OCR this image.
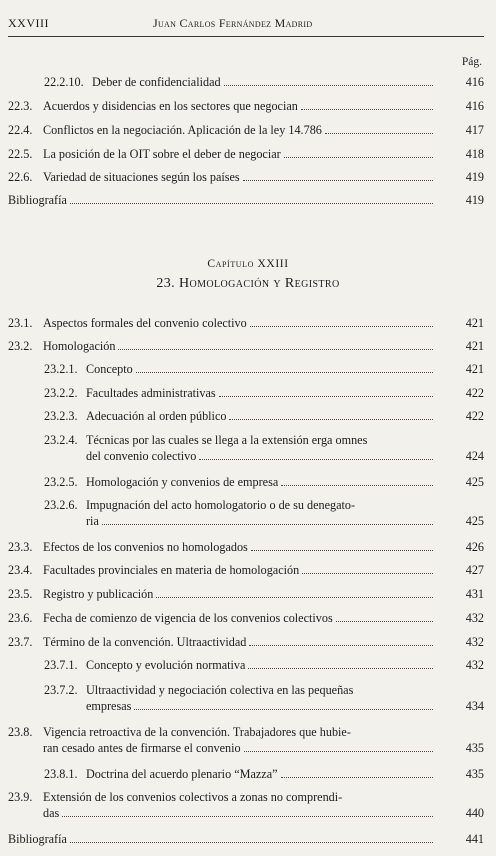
XXVIII	Juan Carlos Fernández Madrid
Pág.
22.2.10. Deber de confidencialidad	416
22.3. Acuerdos y disidencias en los sectores que negocian	416
22.4. Conflictos en la negociación. Aplicación de la ley 14.786	417
22.5. La posición de la OIT sobre el deber de negociar	418
22.6. Variedad de situaciones según los países	419
Bibliografía	419
Capítulo XXIII
23. Homologación y Registro
23.1. Aspectos formales del convenio colectivo	421
23.2. Homologación	421
23.2.1. Concepto	421
23.2.2. Facultades administrativas	422
23.2.3. Adecuación al orden público	422
23.2.4. Técnicas por las cuales se llega a la extensión erga omnes
del convenio colectivo	424
23.2.5. Homologación y convenios de empresa	425
23.2.6. Impugnación del acto homologatorio o de su denegato-
ria	425
23.3. Efectos de los convenios no homologados	426
23.4. Facultades provinciales en materia de homologación	427
23.5. Registro y publicación	431
23.6. Fecha de comienzo de vigencia de los convenios colectivos	432
23.7. Término de la convención. Ultraactividad	432
23.7.1. Concepto y evolución normativa	432
23.7.2. Ultraactividad y negociación colectiva en las pequeñas
empresas	434
23.8. Vigencia retroactiva de la convención. Trabajadores que hubie-
ran cesado antes de firmarse el convenio	435
23.8.1. Doctrina del acuerdo plenario “Mazza”	435
23.9. Extensión de los convenios colectivos a zonas no comprendi-
das	440
Bibliografía	441
